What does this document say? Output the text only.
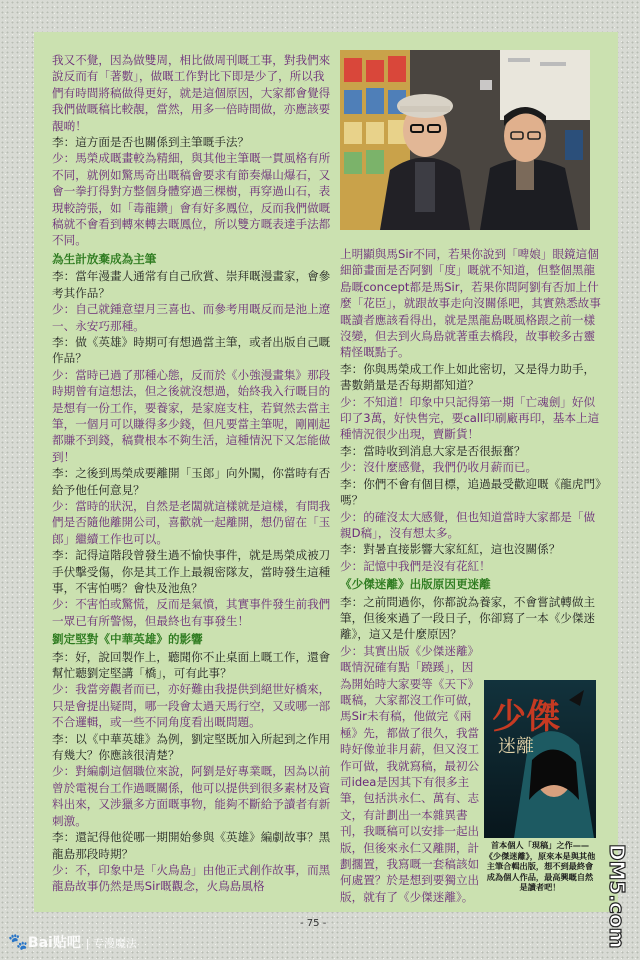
我又不覺，因為做雙周，相比做周刊嘅工事，對我們來說反而有「著數」，做嘅工作對比下即是少了，所以我們有時間將稿做得更好，就是這個原因，大家都會覺得我們做嘅稿比較靚，當然，用多一倍時間做，亦應該要靚啲！

李：這方面是否也關係到主筆嘅手法？

少：馬榮成嘅畫較為精細，與其他主筆嘅一貫風格有所不同，就例如驚馬奇出嘅稿會要求有節奏爆山爆石，又會一拳打得對方整個身體穿過三棵樹，再穿過山石，表現較誇張，如「毒龍鑽」會有好多鳳位，反而我們做嘅稿就不會看到轉來轉去嘅鳳位，所以雙方嘅表達手法都不同。

為生計放棄成為主筆

李：當年漫畫人通常有自己欣賞、崇拜嘅漫畫家，會參考其作品？

少：自己就鍾意望月三喜也、而參考用嘅反而是池上遼一、永安巧那種。

李：做《英雄》時期可有想過當主筆，或者出版自己嘅作品？

少：當時已過了那種心態，反而於《小強漫畫集》那段時期曾有這想法，但之後就沒想過，始終我入行嘅目的是想有一份工作，要養家，是家庭支柱，若貿然去當主筆，一個月可以賺得多少錢，但凡要當主筆呢，剛剛起都賺不到錢，稿費根本不夠生活，這種情況下又怎能做到！

李：之後到馬榮成要離開「玉郎」向外闖，你當時有否給予他任何意見？

少：當時的狀況，自然是老闆就這樣就是這樣，有問我們是否隨他離開公司，喜歡就一起離開，想仍留在「玉郎」繼續工作也可以。

李：記得這階段曾發生過不愉快事件，就是馬榮成被刀手伏擊受傷，你是其工作上最親密隊友，當時發生這種事，不害怕嗎？會快及池魚？

少：不害怕或驚慌，反而是氣憤，其實事件發生前我們一眾已有所警惕，但最終也有事發生！

劉定堅對《中華英雄》的影響

李：好，說回製作上，聽聞你不止桌面上嘅工作，還會幫忙聽劉定堅講「橋」，可有此事？

少：我當旁觀者而已，亦好難由我提供到絕世好橋來，只是會提出疑問，哪一段會太過天馬行空，又或哪一部不合邏輯，或一些不同角度看出嘅問題。

李：以《中華英雄》為例，劉定堅既加入所起到之作用有幾大？你應該很清楚？

少：對編劇這個職位來說，阿劉是好專業嘅，因為以前曾於電視台工作過嘅關係，他可以提供到很多素材及資料出來，又涉獵多方面嘅事物，能夠不斷給予讀者有新刺激。

李：還記得他從哪一期開始參與《英雄》編劇故事？黑龍島那段時期？

少：不，印象中是「火鳥島」由他正式創作故事，而黑龍島故事仍然是馬Sir嘅觀念，火鳥島風格

上明顯與馬Sir不同，若果你說到「啤娘」眼鏡這個細節畫面是否阿劉「度」嘅就不知道，但整個黑龍島嘅concept都是馬Sir，若果你問阿劉有否加上什麼「花臣」，就跟故事走向沒關係吧，其實熟悉故事嘅讀者應該看得出，就是黑龍島嘅風格跟之前一樣沒變，但去到火鳥島就著重去橋段，故事較多古靈精怪嘅點子。

李：你與馬榮成工作上如此密切，又是得力助手，書數銷量是否每期都知道？

少：不知道！印象中只記得第一期「亡魂劍」好似印了3萬，好快售完，要call印刷廠再印，基本上這種情況很少出現，賣斷貨！

李：當時收到消息大家是否很振奮？

少：沒什麼感覺，我們仍收月薪而已。

李：你們不會有個目標，追過最受歡迎嘅《龍虎門》嗎？

少：的確沒太大感覺，但也知道當時大家都是「做親D稿」，沒有想太多。

李：對暑直接影響大家紅紅，這也沒關係？

少：記憶中我們是沒有花紅！

《少傑迷離》出版原因更迷離

李：之前問過你，你都說為養家，不會嘗試轉做主筆，但後來過了一段日子，你卻寫了一本《少傑迷離》，這又是什麼原因？

少：其實出版《少傑迷離》嘅情況確有點「蹺蹊」，因為開始時大家要等《天下》嘅稿，大家都沒工作可做，馬Sir未有稿，他做完《兩極》先，都做了很久，我當時好像並非月薪，但又沒工作可做，我就寫稿，最初公司idea是因其下有很多主筆，包括洪永仁、萬有、志文，有計劃出一本雜異書刊，我嘅稿可以安排一起出版，但後來永仁又離開，計劃擱置，我寫嘅一套稿該如何處置？於是想到要獨立出版，就有了《少傑迷離》。

少傑
迷離
首本個人「現稿」之作——《少傑迷離》，原來本是與其他主筆合輯出版，想不到最終會成為個人作品，最高興嘅自然是讀者吧！
- 75 -
🐾Bai贴吧 | 专漫魔法	DM5.com
